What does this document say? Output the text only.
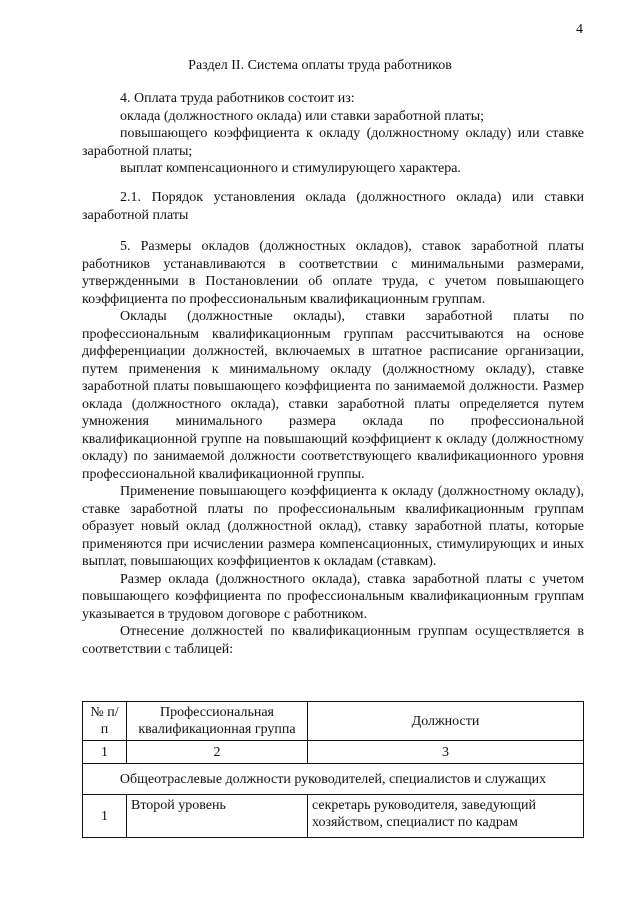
4
Раздел II. Система оплаты труда работников

4. Оплата труда работников состоит из:

оклада (должностного оклада) или ставки заработной платы;

повышающего коэффициента к окладу (должностному окладу) или ставке заработной платы;

выплат компенсационного и стимулирующего характера.

2.1. Порядок установления оклада (должностного оклада) или ставки заработной платы

5. Размеры окладов (должностных окладов), ставок заработной платы работников устанавливаются в соответствии с минимальными размерами, утвержденными в Постановлении об оплате труда, с учетом повышающего коэффициента по профессиональным квалификационным группам.

Оклады (должностные оклады), ставки заработной платы по профессиональным квалификационным группам рассчитываются на основе дифференциации должностей, включаемых в штатное расписание организации, путем применения к минимальному окладу (должностному окладу), ставке заработной платы повышающего коэффициента по занимаемой должности. Размер оклада (должностного оклада), ставки заработной платы определяется путем умножения минимального размера оклада по профессиональной квалификационной группе на повышающий коэффициент к окладу (должностному окладу) по занимаемой должности соответствующего квалификационного уровня профессиональной квалификационной группы.

Применение повышающего коэффициента к окладу (должностному окладу), ставке заработной платы по профессиональным квалификационным группам образует новый оклад (должностной оклад), ставку заработной платы, которые применяются при исчислении размера компенсационных, стимулирующих и иных выплат, повышающих коэффициентов к окладам (ставкам).

Размер оклада (должностного оклада), ставка заработной платы с учетом повышающего коэффициента по профессиональным квалификационным группам указывается в трудовом договоре с работником.

Отнесение должностей по квалификационным группам осуществляется в соответствии с таблицей:

№ п/п	Профессиональная квалификационная группа	Должности
1	2	3
Общеотраслевые должности руководителей, специалистов и служащих		
1	Второй уровень	секретарь руководителя, заведующий хозяйством, специалист по кадрам
